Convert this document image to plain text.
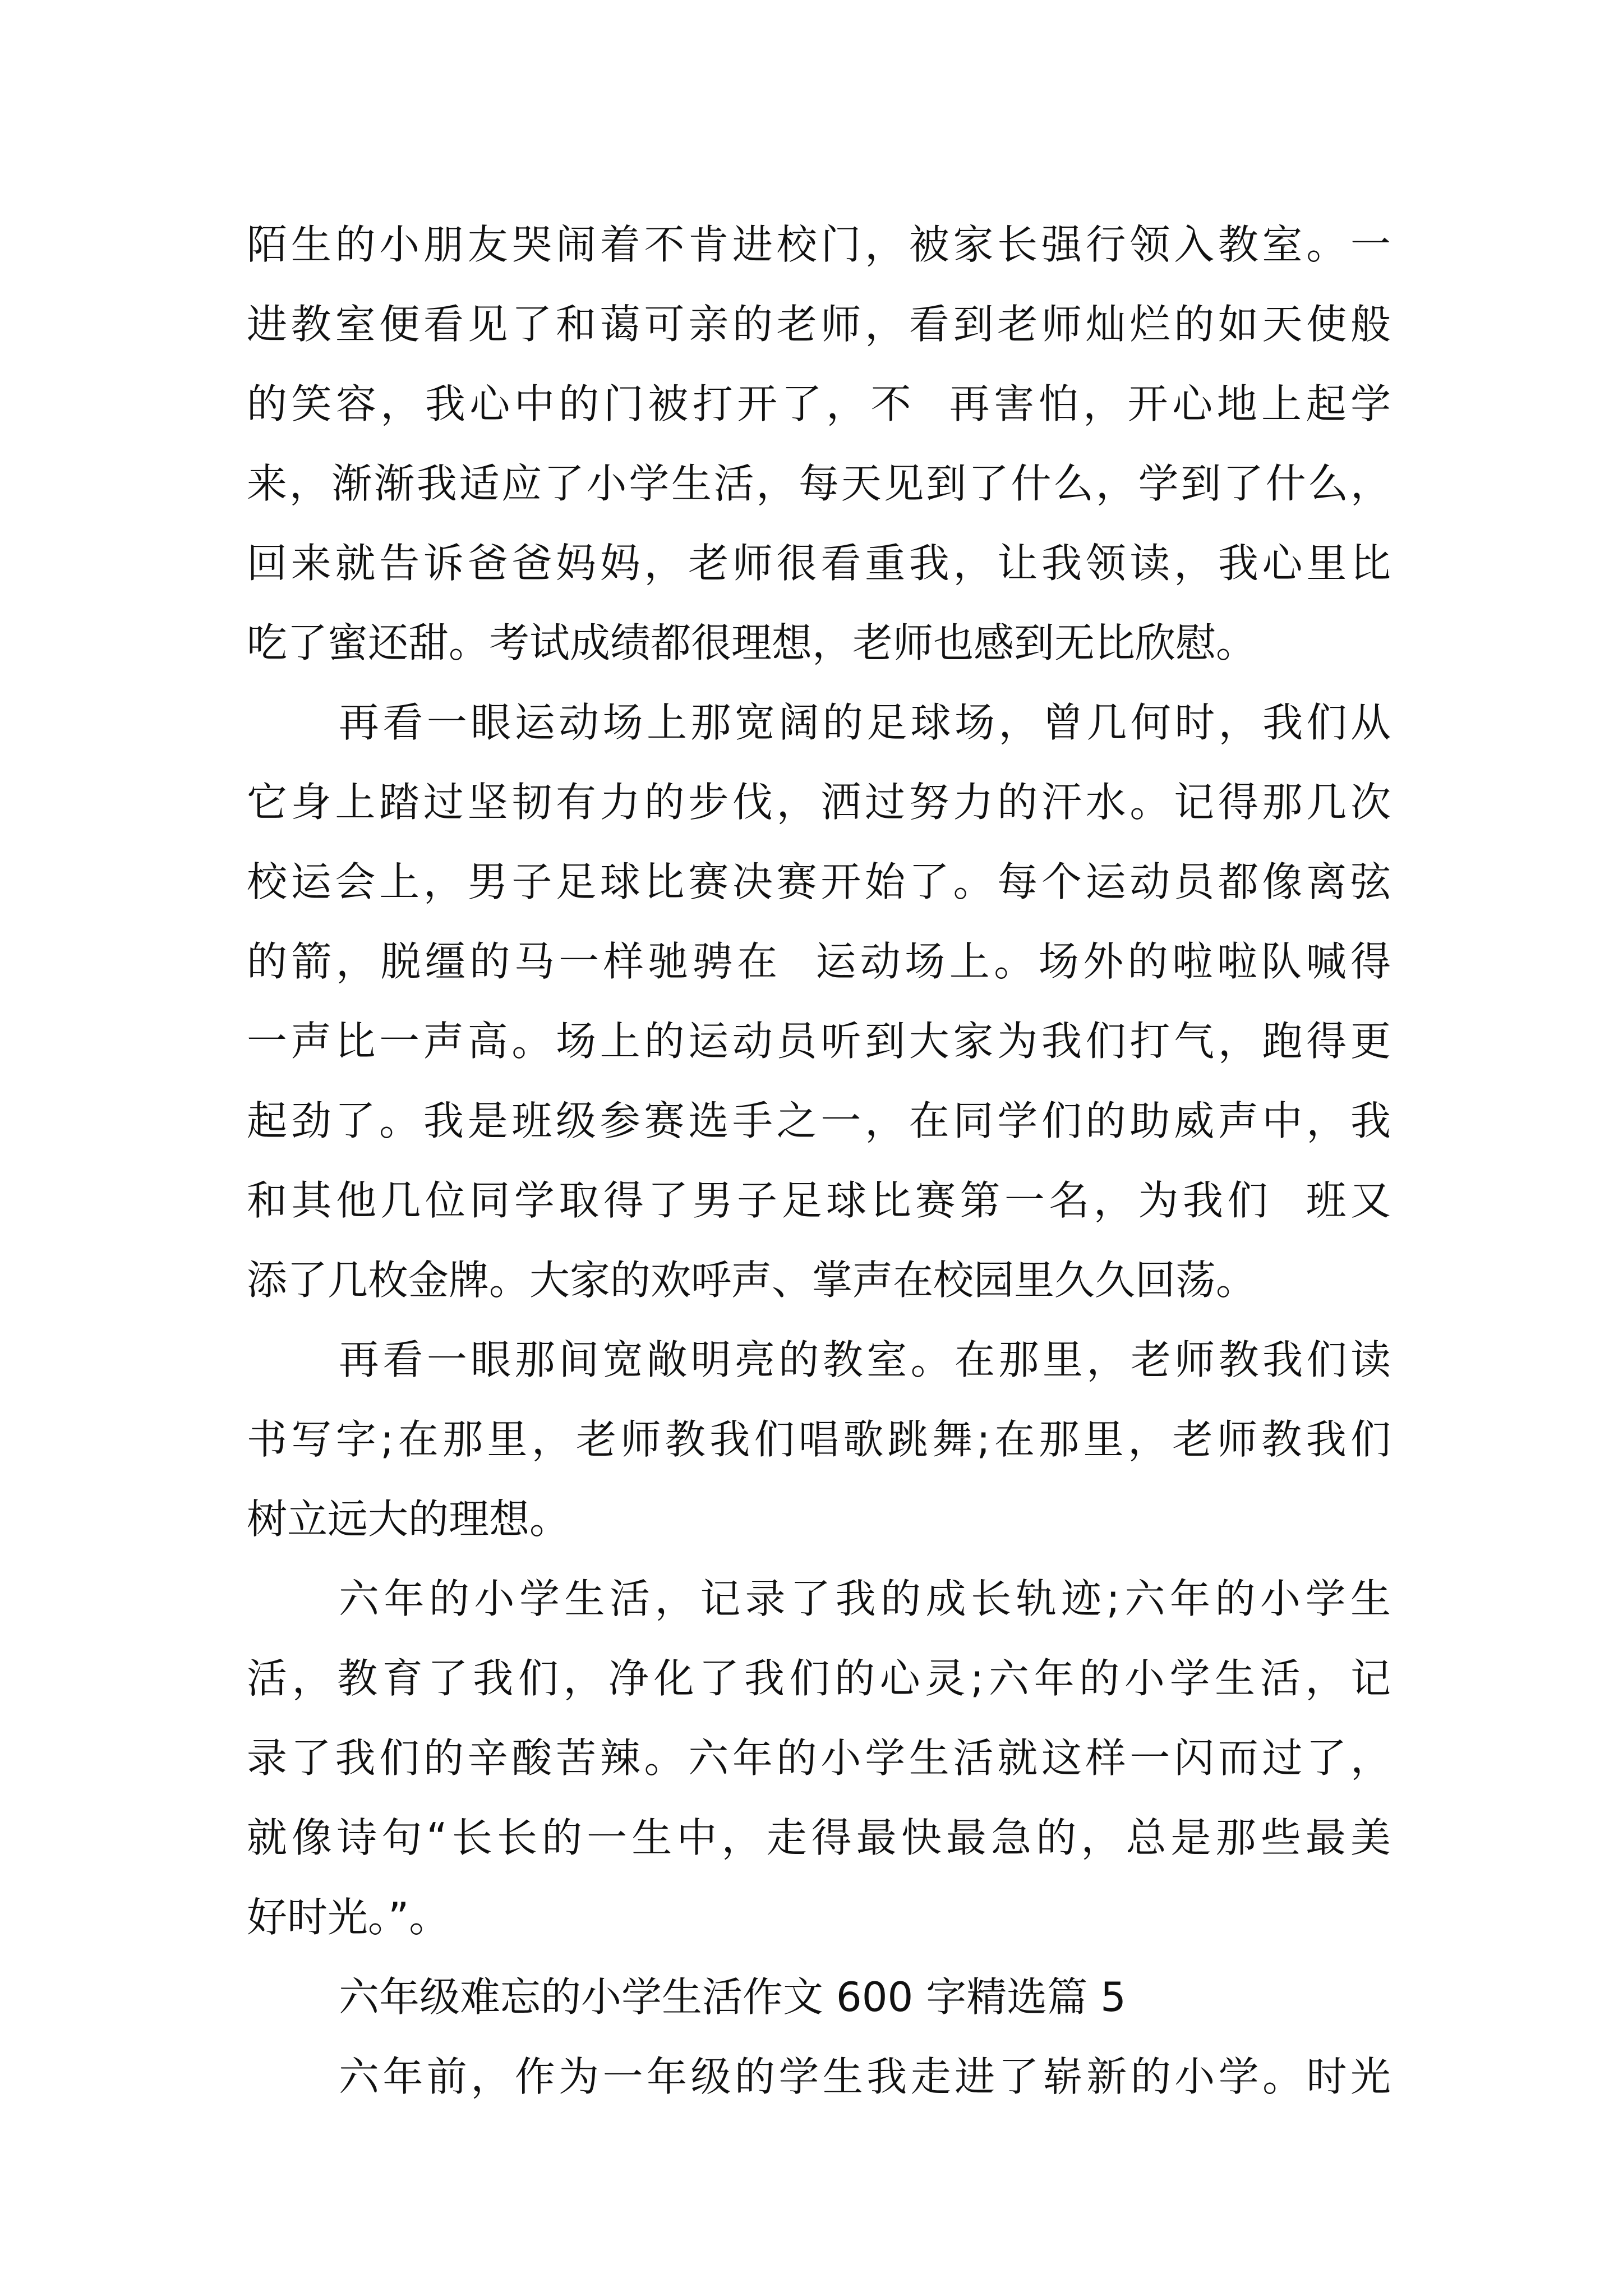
陌生的小朋友哭闹着不肯进校门，被家长强行领入教室。一
进教室便看见了和蔼可亲的老师，看到老师灿烂的如天使般
的笑容，我心中的门被打开了，不  再害怕，开心地上起学
来，渐渐我适应了小学生活，每天见到了什么，学到了什么，
回来就告诉爸爸妈妈，老师很看重我，让我领读，我心里比
吃了蜜还甜。考试成绩都很理想，老师也感到无比欣慰。
再看一眼运动场上那宽阔的足球场，曾几何时，我们从
它身上踏过坚韧有力的步伐，洒过努力的汗水。记得那几次
校运会上，男子足球比赛决赛开始了。每个运动员都像离弦
的箭，脱缰的马一样驰骋在  运动场上。场外的啦啦队喊得
一声比一声高。场上的运动员听到大家为我们打气，跑得更
起劲了。我是班级参赛选手之一，在同学们的助威声中，我
和其他几位同学取得了男子足球比赛第一名，为我们  班又
添了几枚金牌。大家的欢呼声、掌声在校园里久久回荡。
再看一眼那间宽敞明亮的教室。在那里，老师教我们读
书写字;在那里，老师教我们唱歌跳舞;在那里，老师教我们
树立远大的理想。
六年的小学生活，记录了我的成长轨迹;六年的小学生
活，教育了我们，净化了我们的心灵;六年的小学生活，记
录了我们的辛酸苦辣。六年的小学生活就这样一闪而过了，
就像诗句“长长的一生中，走得最快最急的，总是那些最美
好时光。”。
六年级难忘的小学生活作文 600 字精选篇 5
六年前，作为一年级的学生我走进了崭新的小学。时光
